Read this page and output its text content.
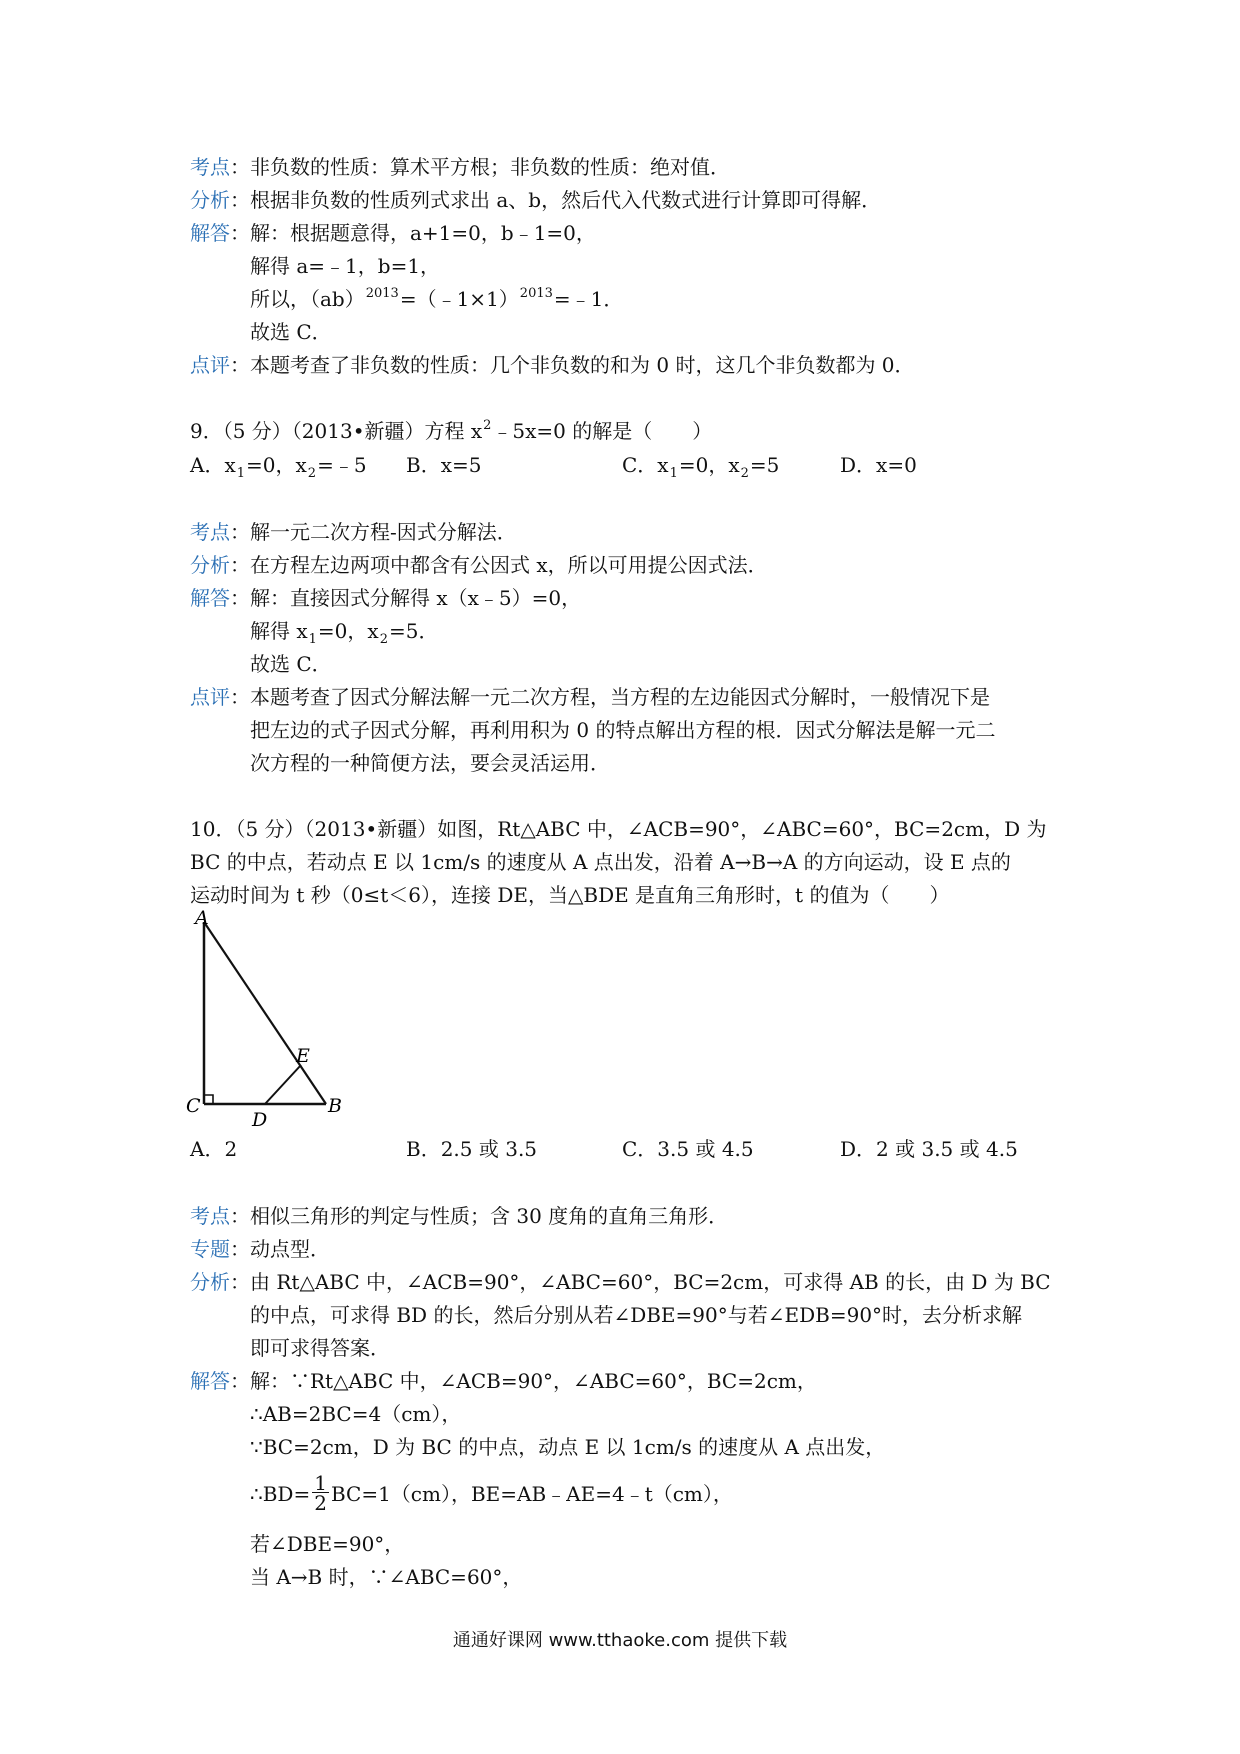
考点：非负数的性质：算术平方根；非负数的性质：绝对值．
分析：根据非负数的性质列式求出 a、b，然后代入代数式进行计算即可得解．
解答：解：根据题意得，a+1=0，b﹣1=0，
解得 a=﹣1，b=1，
所以，（ab）$^{2013}$=（﹣1×1）$^{2013}$=﹣1．
故选 C．
点评：本题考查了非负数的性质：几个非负数的和为 0 时，这几个非负数都为 0．
9．（5 分）（2013•新疆）方程 $x^2﹣5x=0$ 的解是（　　）
A．$x_1=0$，$x_2=﹣5$ B．x=5	C．$x_1=0$，$x_2=5$	D．x=0
考点：解一元二次方程-因式分解法．
分析：在方程左边两项中都含有公因式 x，所以可用提公因式法．
解答：解：直接因式分解得 x（x﹣5）=0，
解得 $x_1=0$，$x_2=5$．
故选 C．
点评：本题考查了因式分解法解一元二次方程，当方程的左边能因式分解时，一般情况下是
把左边的式子因式分解，再利用积为 0 的特点解出方程的根．因式分解法是解一元二
次方程的一种简便方法，要会灵活运用．
10．（5 分）（2013•新疆）如图，Rt△ABC 中，∠ACB=90°，∠ABC=60°，BC=2cm，D 为
BC 的中点，若动点 E 以 1cm/s 的速度从 A 点出发，沿着 A→B→A 的方向运动，设 E 点的
运动时间为 t 秒（0≤t＜6），连接 DE，当△BDE 是直角三角形时，t 的值为（　　）
A
C
D
E
B
A．2	B．2.5 或 3.5	C．3.5 或 4.5	D．2 或 3.5 或 4.5
考点：相似三角形的判定与性质；含 30 度角的直角三角形．
专题：动点型．
分析：由 Rt△ABC 中，∠ACB=90°，∠ABC=60°，BC=2cm，可求得 AB 的长，由 D 为 BC
的中点，可求得 BD 的长，然后分别从若∠DBE=90°与若∠EDB=90°时，去分析求解
即可求得答案．
解答：解：∵Rt△ABC 中，∠ACB=90°，∠ABC=60°，BC=2cm，
∴AB=2BC=4（cm），
∵BC=2cm，D 为 BC 的中点，动点 E 以 1cm/s 的速度从 A 点出发，
∴BD= $\frac{1}{2} BC=1(cm)$，BE=AB﹣AE=4﹣t（cm），
若∠DBE=90°，
当 A→B 时，∵∠ABC=60°，
通通好课网 www.tthaoke.com 提供下载
